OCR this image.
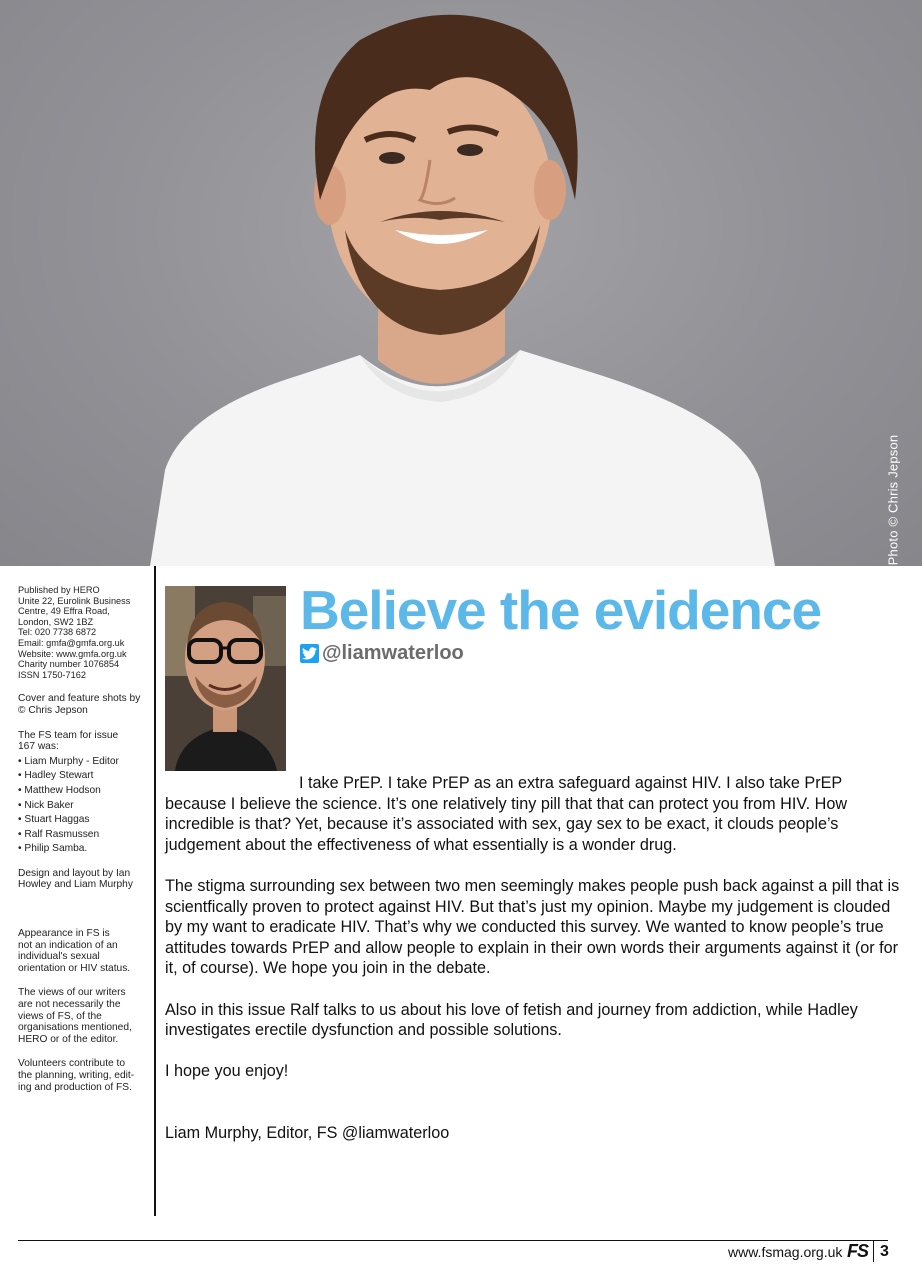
Photo © Chris Jepson
Published by HERO
Unite 22, Eurolink Business
Centre, 49 Effra Road,
London, SW2 1BZ
Tel: 020 7738 6872
Email: gmfa@gmfa.org.uk
Website: www.gmfa.org.uk
Charity number 1076854
ISSN 1750-7162
Cover and feature shots by
© Chris Jepson
The FS team for issue
167 was:
• Liam Murphy - Editor
• Hadley Stewart
• Matthew Hodson
• Nick Baker
• Stuart Haggas
• Ralf Rasmussen
• Philip Samba.
Design and layout by Ian
Howley and Liam Murphy
Appearance in FS is
not an indication of an
individual's sexual
orientation or HIV status.
The views of our writers
are not necessarily the
views of FS, of the
organisations mentioned,
HERO or of the editor.
Volunteers contribute to
the planning, writing, edit-
ing and production of FS.
Believe the evidence
@liamwaterloo

I take PrEP. I take PrEP as an extra safeguard against HIV. I also take PrEP because I believe the science. It’s one relatively tiny pill that that can protect you from HIV. How incredible is that? Yet, because it’s associated with sex, gay sex to be exact, it clouds people’s judgement about the effectiveness of what essentially is a wonder drug.

The stigma surrounding sex between two men seemingly makes people push back against a pill that is scientfically proven to protect against HIV. But that’s just my opinion. Maybe my judgement is clouded by my want to eradicate HIV. That’s why we conducted this survey. We wanted to know people’s true attitudes towards PrEP and allow people to explain in their own words their arguments against it (or for it, of course). We hope you join in the debate.

Also in this issue Ralf talks to us about his love of fetish and journey from addiction, while Hadley investigates erectile dysfunction and possible solutions.

I hope you enjoy!

Liam Murphy, Editor, FS @liamwaterloo

www.fsmag.org.uk FS 3
